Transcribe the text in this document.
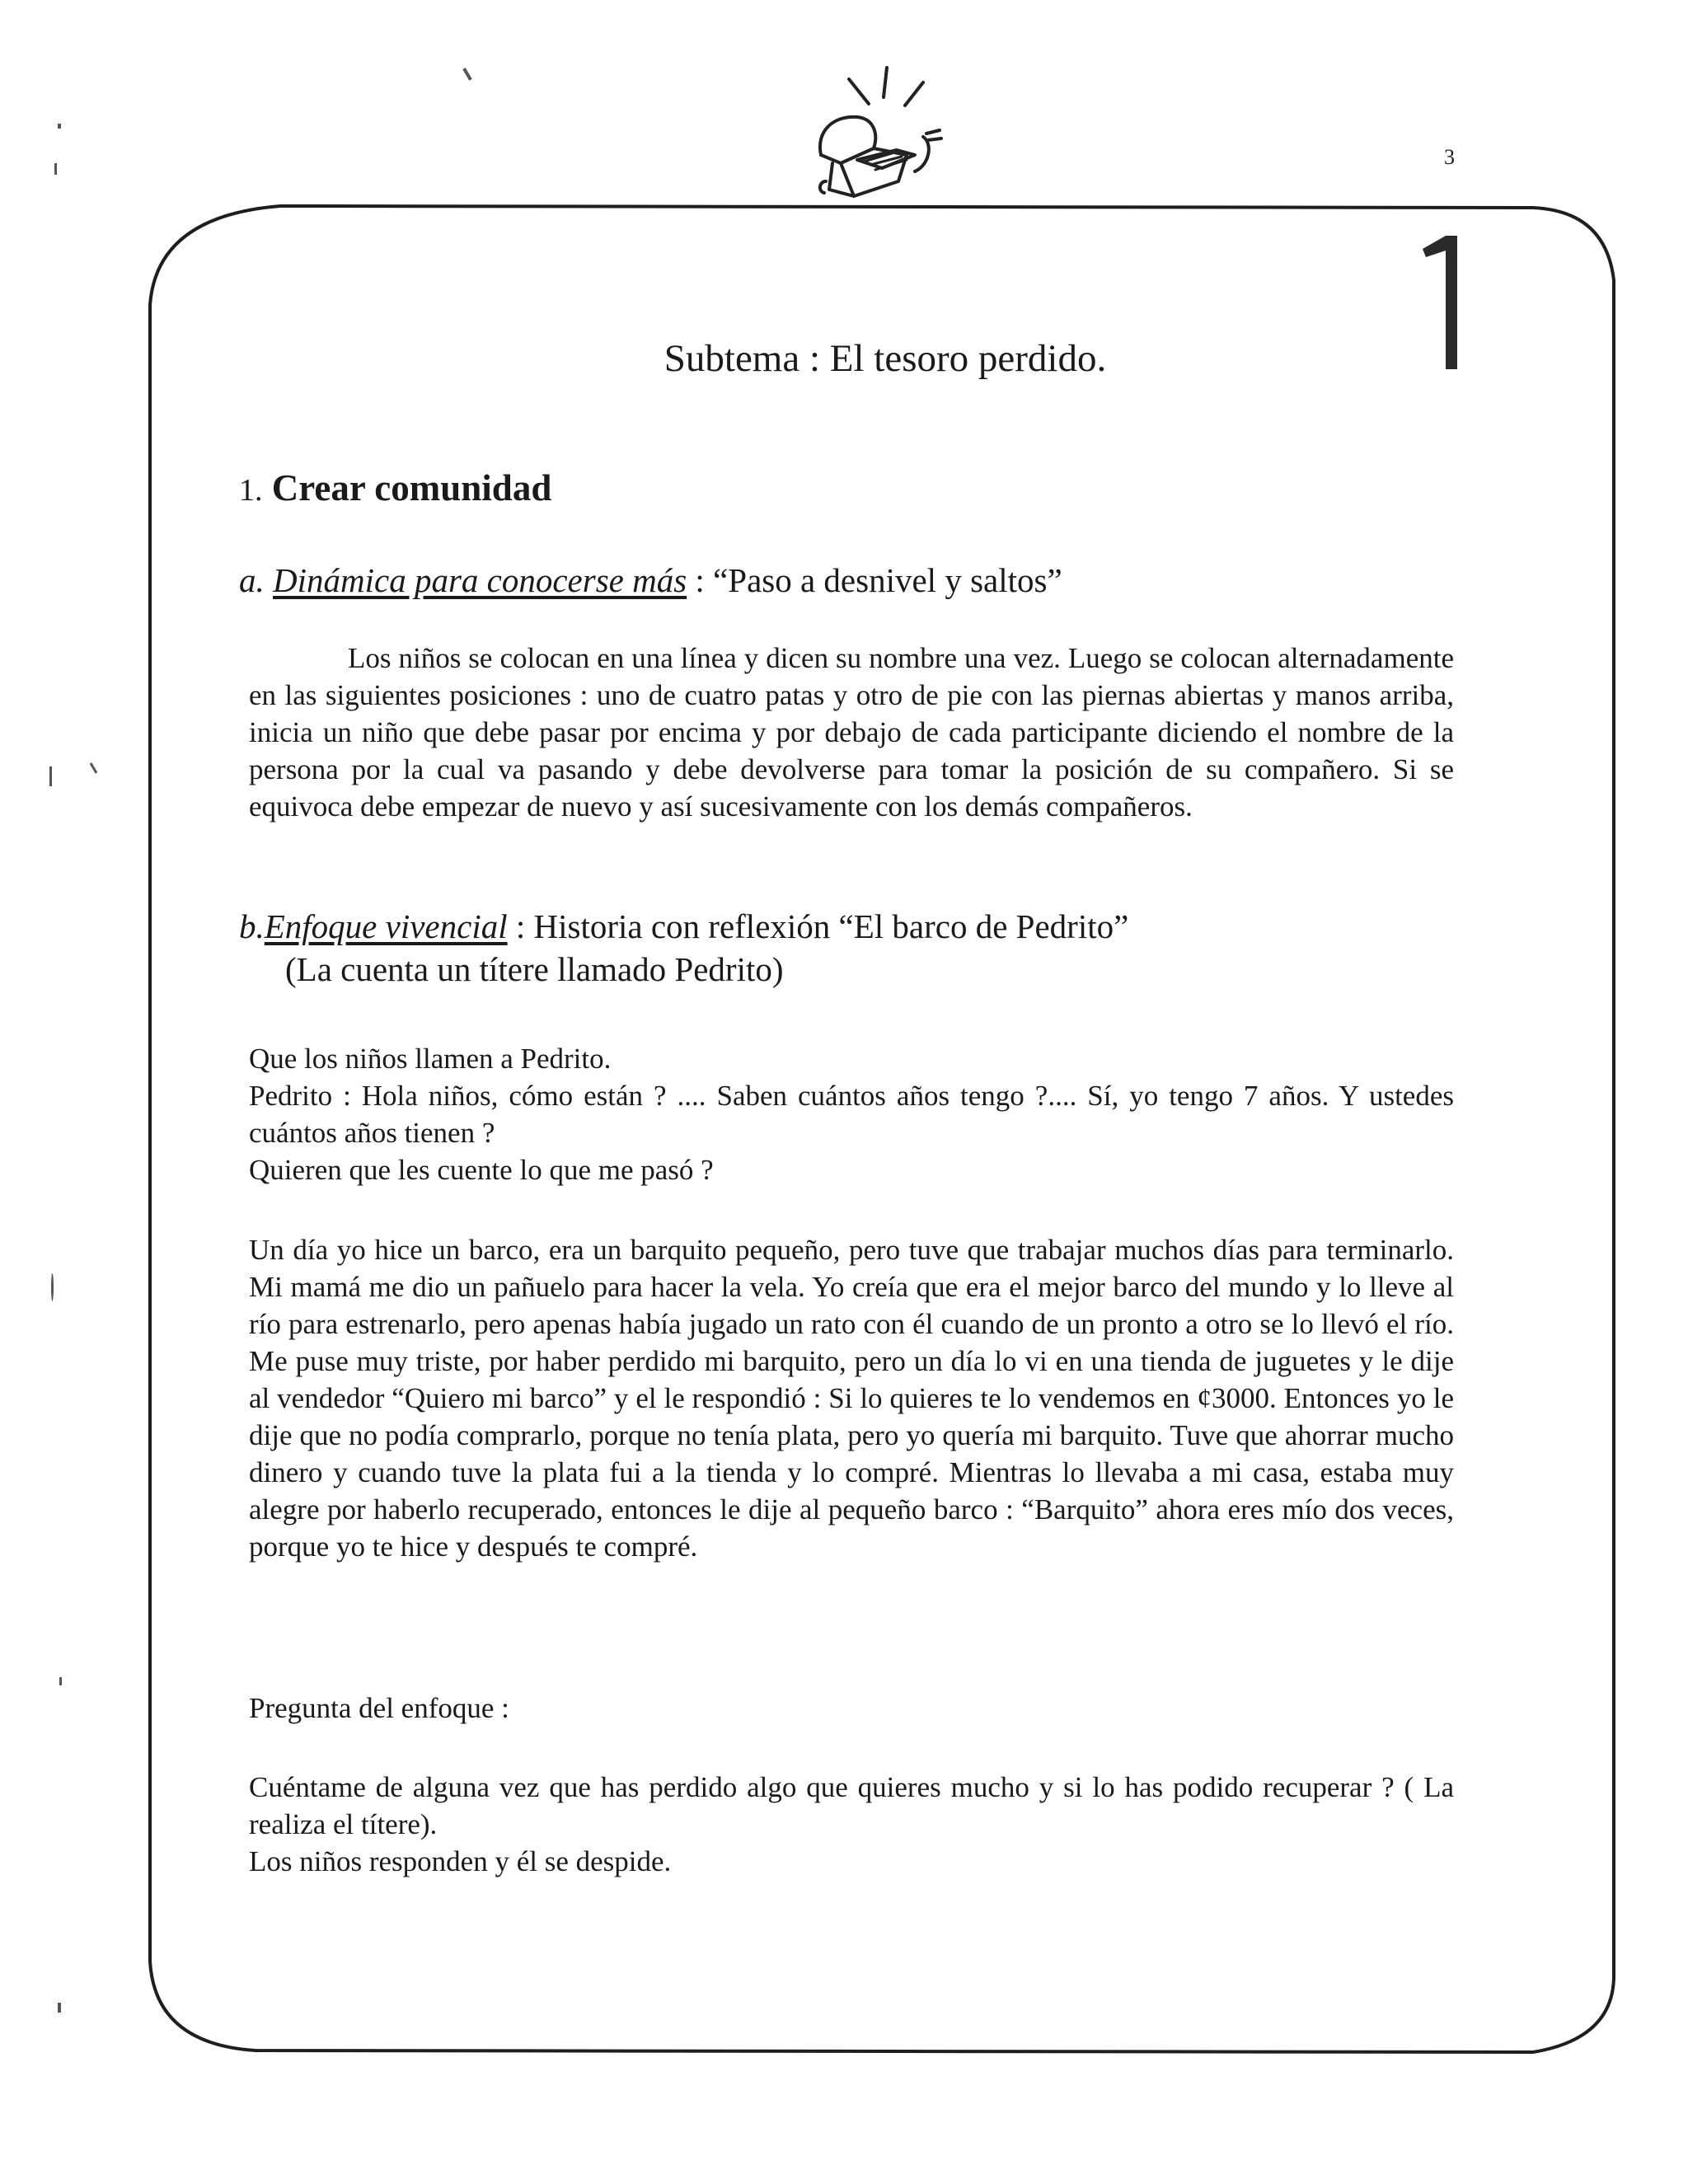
3
Subtema : El tesoro perdido.
1. Crear comunidad
a. Dinámica para conocerse más : “Paso a desnivel y saltos”

Los niños se colocan en una línea y dicen su nombre una vez. Luego se colocan alternadamente en las siguientes posiciones : uno de cuatro patas y otro de pie con las piernas abiertas y manos arriba, inicia un niño que debe pasar por encima y por debajo de cada participante diciendo el nombre de la persona por la cual va pasando y debe devolverse para tomar la posición de su compañero. Si se equivoca debe empezar de nuevo y así sucesivamente con los demás compañeros.

b.Enfoque vivencial : Historia con reflexión “El barco de Pedrito”
(La cuenta un títere llamado Pedrito)
Que los niños llamen a Pedrito.

Pedrito : Hola niños, cómo están ? .... Saben cuántos años tengo ?.... Sí, yo tengo 7 años. Y ustedes cuántos años tienen ?

Quieren que les cuente lo que me pasó ?

Un día yo hice un barco, era un barquito pequeño, pero tuve que trabajar muchos días para terminarlo. Mi mamá me dio un pañuelo para hacer la vela. Yo creía que era el mejor barco del mundo y lo lleve al río para estrenarlo, pero apenas había jugado un rato con él cuando de un pronto a otro se lo llevó el río. Me puse muy triste, por haber perdido mi barquito, pero un día lo vi en una tienda de juguetes y le dije al vendedor “Quiero mi barco” y el le respondió : Si lo quieres te lo vendemos en ¢3000. Entonces yo le dije que no podía comprarlo, porque no tenía plata, pero yo quería mi barquito. Tuve que ahorrar mucho dinero y cuando tuve la plata fui a la tienda y lo compré. Mientras lo llevaba a mi casa, estaba muy alegre por haberlo recuperado, entonces le dije al pequeño barco : “Barquito” ahora eres mío dos veces, porque yo te hice y después te compré.

Pregunta del enfoque :

Cuéntame de alguna vez que has perdido algo que quieres mucho y si lo has podido recuperar ? ( La realiza el títere).

Los niños responden y él se despide.
